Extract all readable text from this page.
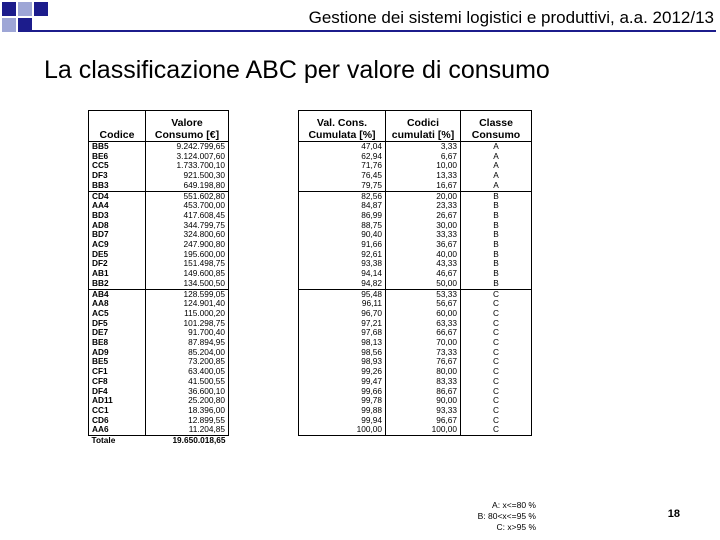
Gestione dei sistemi logistici e produttivi, a.a. 2012/13
La classificazione ABC per valore di consumo
Codice	Valore Consumo [€]
BB5	9.242.799,65
BE6	3.124.007,60
CC5	1.733.700,10
DF3	921.500,30
BB3	649.198,80
CD4	551.602,80
AA4	453.700,00
BD3	417.608,45
AD8	344.799,75
BD7	324.800,60
AC9	247.900,80
DE5	195.600,00
DF2	151.498,75
AB1	149.600,85
BB2	134.500,50
AB4	128.599,05
AA8	124.901,40
AC5	115.000,20
DF5	101.298,75
DE7	91.700,40
BE8	87.894,95
AD9	85.204,00
BE5	73.200,85
CF1	63.400,05
CF8	41.500,55
DF4	36.600,10
AD11	25.200,80
CC1	18.396,00
CD6	12.899,55
AA6	11.204,85
Totale	19.650.018,65
Val. Cons. Cumulata [%]	Codici cumulati [%]	Classe Consumo
47,04	3,33	A
62,94	6,67	A
71,76	10,00	A
76,45	13,33	A
79,75	16,67	A
82,56	20,00	B
84,87	23,33	B
86,99	26,67	B
88,75	30,00	B
90,40	33,33	B
91,66	36,67	B
92,61	40,00	B
93,38	43,33	B
94,14	46,67	B
94,82	50,00	B
95,48	53,33	C
96,11	56,67	C
96,70	60,00	C
97,21	63,33	C
97,68	66,67	C
98,13	70,00	C
98,56	73,33	C
98,93	76,67	C
99,26	80,00	C
99,47	83,33	C
99,66	86,67	C
99,78	90,00	C
99,88	93,33	C
99,94	96,67	C
100,00	100,00	C
A: x<=80 %
B: 80<x<=95 %
C: x>95 %
18
